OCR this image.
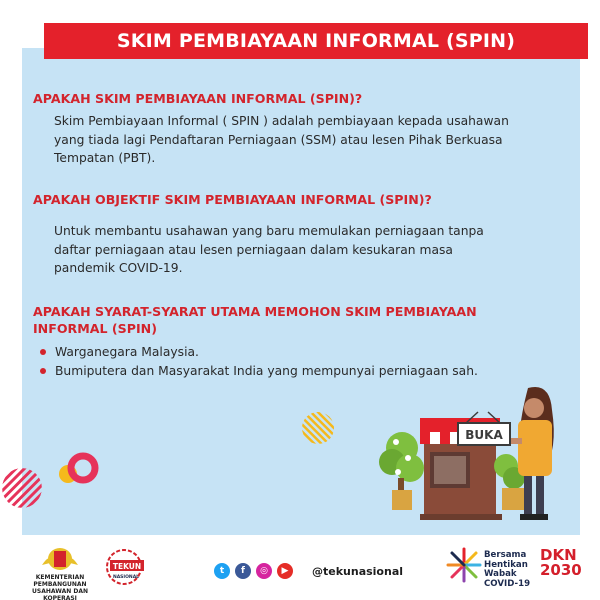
SKIM PEMBIAYAAN INFORMAL (SPIN)
APAKAH SKIM PEMBIAYAAN INFORMAL (SPIN)?
Skim Pembiayaan Informal ( SPIN ) adalah pembiayaan kepada usahawan
yang tiada lagi Pendaftaran Perniagaan (SSM) atau lesen Pihak Berkuasa
Tempatan (PBT).
APAKAH OBJEKTIF SKIM PEMBIAYAAN INFORMAL (SPIN)?
Untuk membantu usahawan yang baru memulakan perniagaan tanpa
daftar perniagaan atau lesen perniagaan dalam kesukaran masa
pandemik COVID-19.
APAKAH SYARAT-SYARAT UTAMA MEMOHON SKIM PEMBIAYAAN
INFORMAL (SPIN)
Warganegara Malaysia.
Bumiputera dan Masyarakat India yang mempunyai perniagaan sah.
BUKA
KEMENTERIAN PEMBANGUNAN
USAHAWAN DAN KOPERASI
TEKUN
NASIONAL
t	f	◎	▶	@tekunasional
Bersama
Hentikan
Wabak
COVID-19
DKN
2030
